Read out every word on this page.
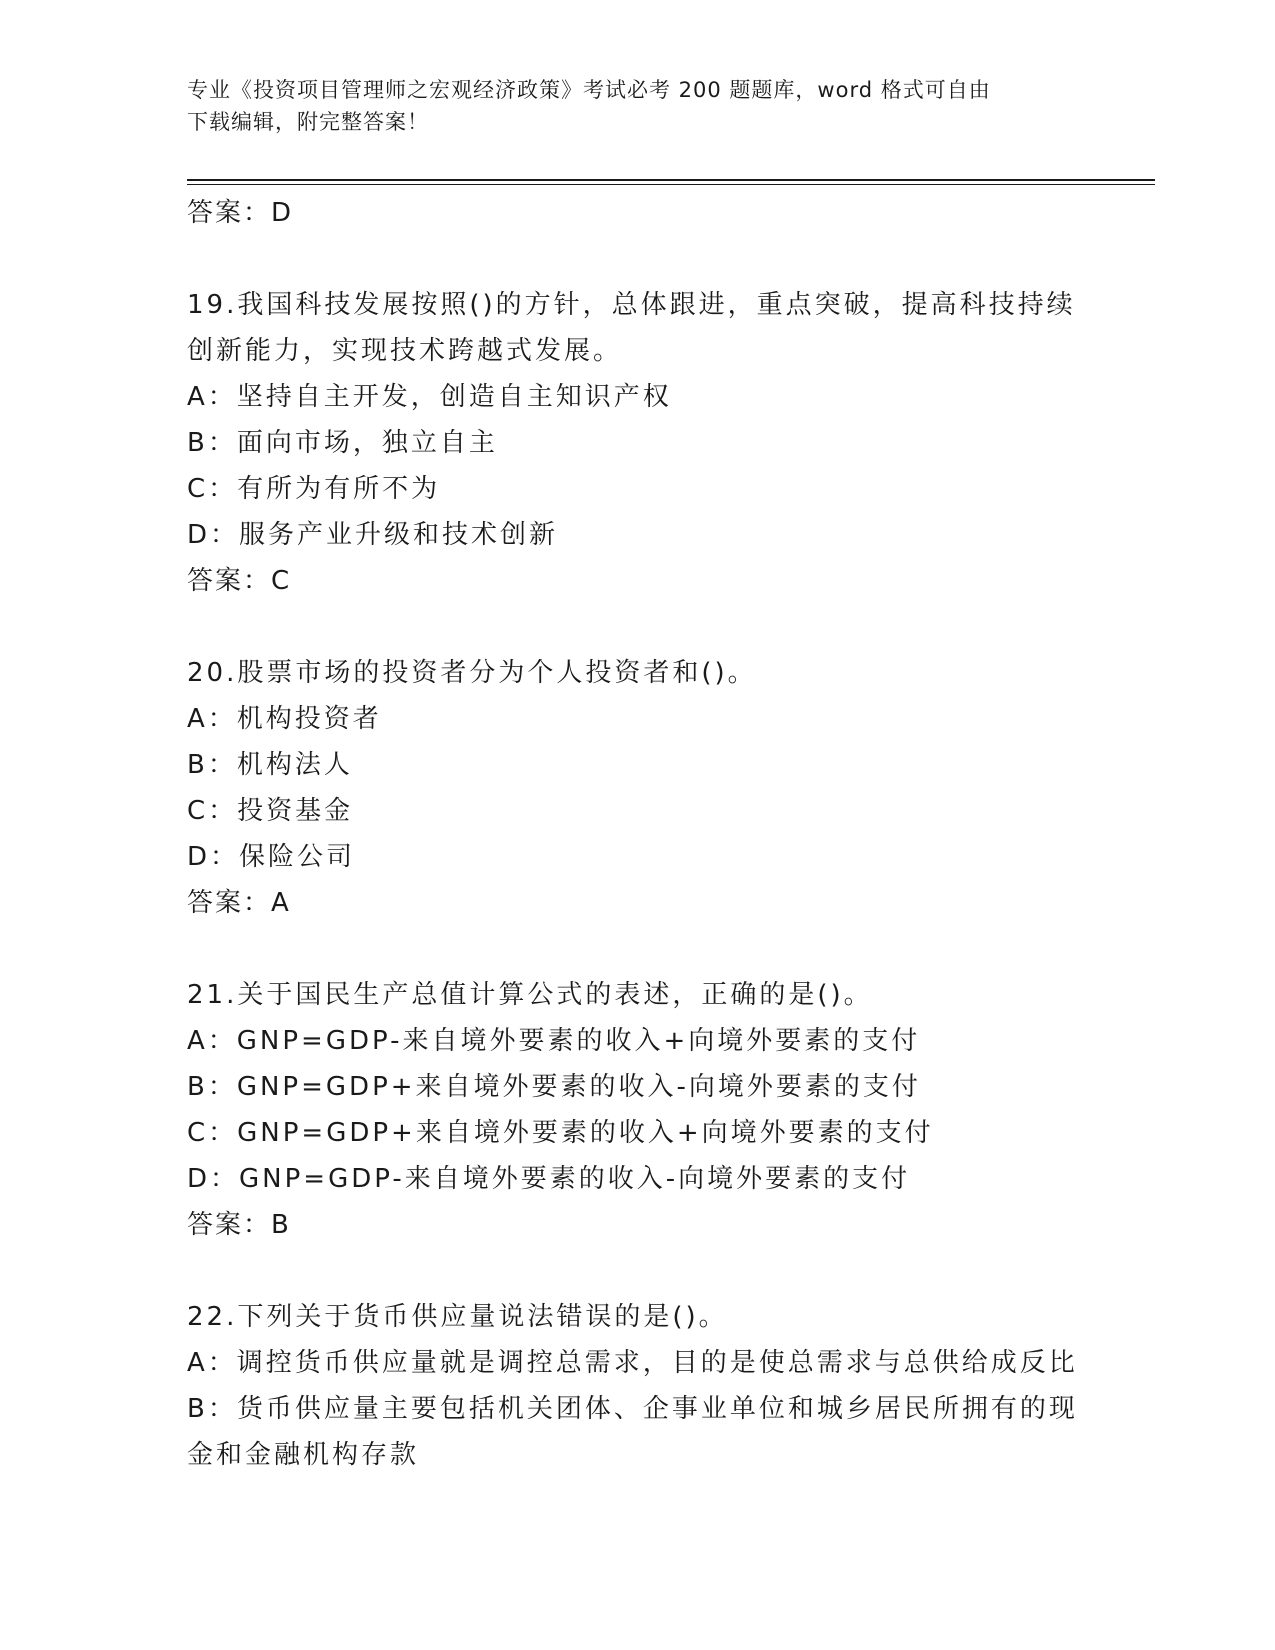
专业《投资项目管理师之宏观经济政策》考试必考 200 题题库，word 格式可自由
下载编辑，附完整答案！

答案：D

19.我国科技发展按照()的方针，总体跟进，重点突破，提高科技持续

创新能力，实现技术跨越式发展。

A：坚持自主开发，创造自主知识产权

B：面向市场，独立自主

C：有所为有所不为

D：服务产业升级和技术创新

答案：C

20.股票市场的投资者分为个人投资者和()。

A：机构投资者

B：机构法人

C：投资基金

D：保险公司

答案：A

21.关于国民生产总值计算公式的表述，正确的是()。

A：GNP=GDP-来自境外要素的收入+向境外要素的支付

B：GNP=GDP+来自境外要素的收入-向境外要素的支付

C：GNP=GDP+来自境外要素的收入+向境外要素的支付

D：GNP=GDP-来自境外要素的收入-向境外要素的支付

答案：B

22.下列关于货币供应量说法错误的是()。

A：调控货币供应量就是调控总需求，目的是使总需求与总供给成反比

B：货币供应量主要包括机关团体、企事业单位和城乡居民所拥有的现

金和金融机构存款
